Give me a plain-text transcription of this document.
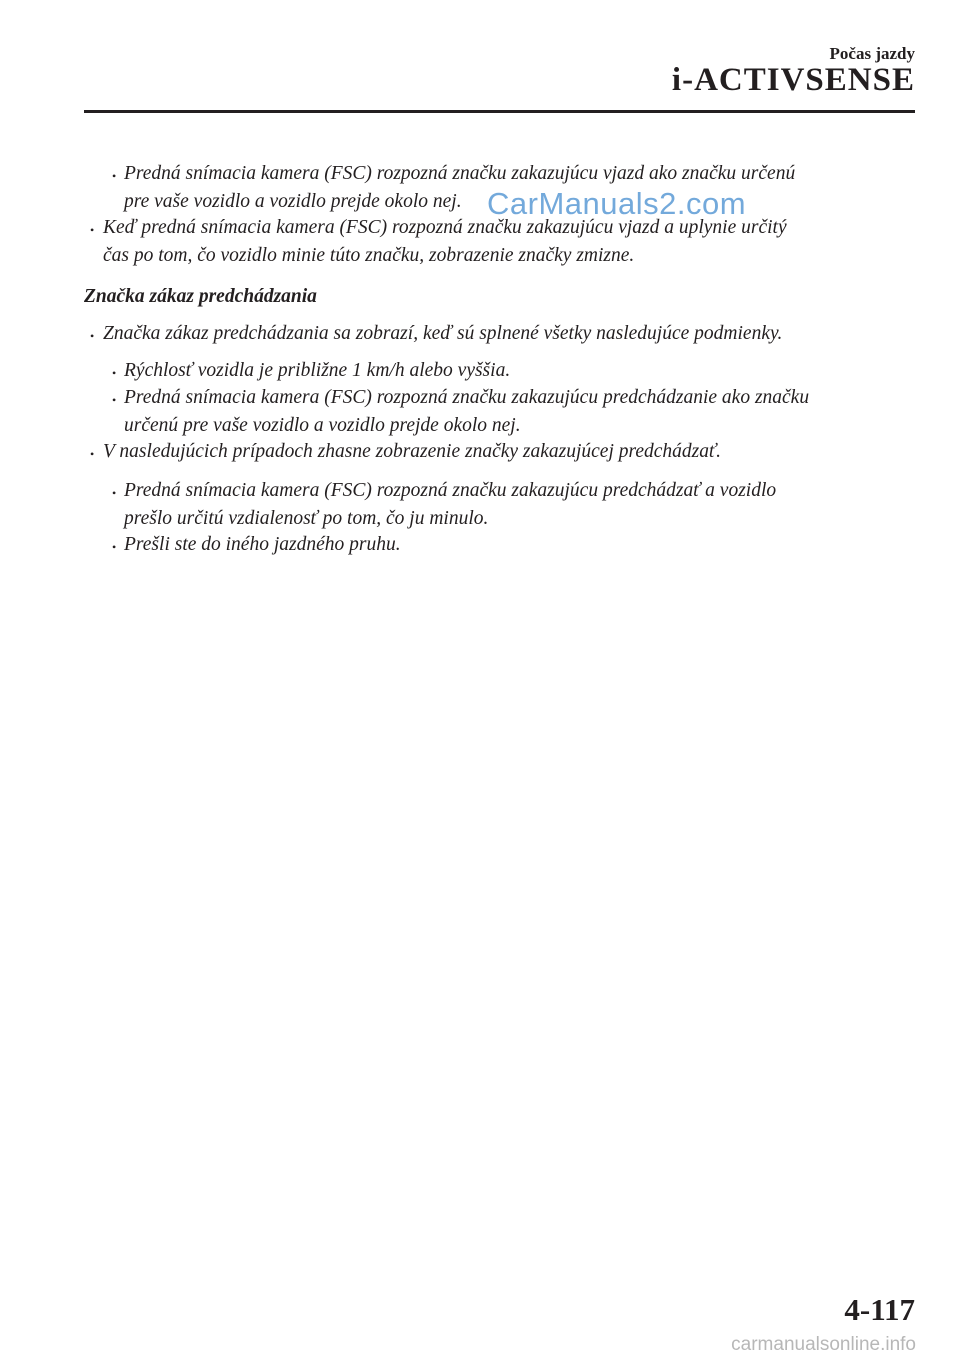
Počas jazdy
i-ACTIVSENSE
• Predná snímacia kamera (FSC) rozpozná značku zakazujúcu vjazd ako značku určenú
pre vaše vozidlo a vozidlo prejde okolo nej.
• Keď predná snímacia kamera (FSC) rozpozná značku zakazujúcu vjazd a uplynie určitý
čas po tom, čo vozidlo minie túto značku, zobrazenie značky zmizne.
Značka zákaz predchádzania
• Značka zákaz predchádzania sa zobrazí, keď sú splnené všetky nasledujúce podmienky.
• Rýchlosť vozidla je približne 1 km/h alebo vyššia.
• Predná snímacia kamera (FSC) rozpozná značku zakazujúcu predchádzanie ako značku
určenú pre vaše vozidlo a vozidlo prejde okolo nej.
• V nasledujúcich prípadoch zhasne zobrazenie značky zakazujúcej predchádzať.
• Predná snímacia kamera (FSC) rozpozná značku zakazujúcu predchádzať a vozidlo
prešlo určitú vzdialenosť po tom, čo ju minulo.
• Prešli ste do iného jazdného pruhu.
CarManuals2.com
4-117
carmanualsonline.info
